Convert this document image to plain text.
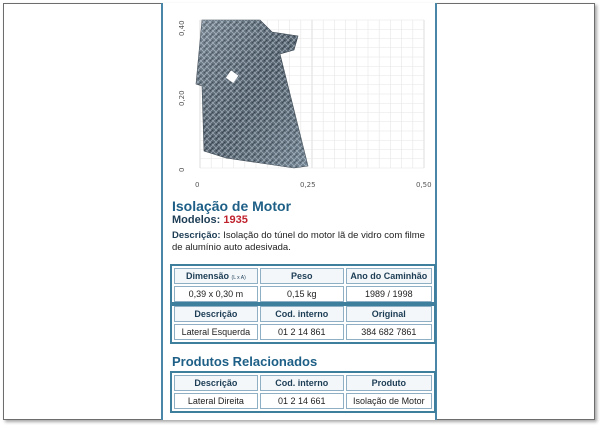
0,40
0,20
0
0	0,25	0,50
Isolação de Motor
Modelos: 1935
Descrição: Isolação do túnel do motor lã de vidro com filme de alumínio auto adesivada.
Dimensão (L x A)	Peso	Ano do Caminhão
0,39 x 0,30 m	0,15 kg	1989 / 1998
Descrição	Cod. interno	Original
Lateral Esquerda	01 2 14 861	384 682 7861
Produtos Relacionados
Descrição	Cod. interno	Produto
Lateral Direita	01 2 14 661	Isolação de Motor
